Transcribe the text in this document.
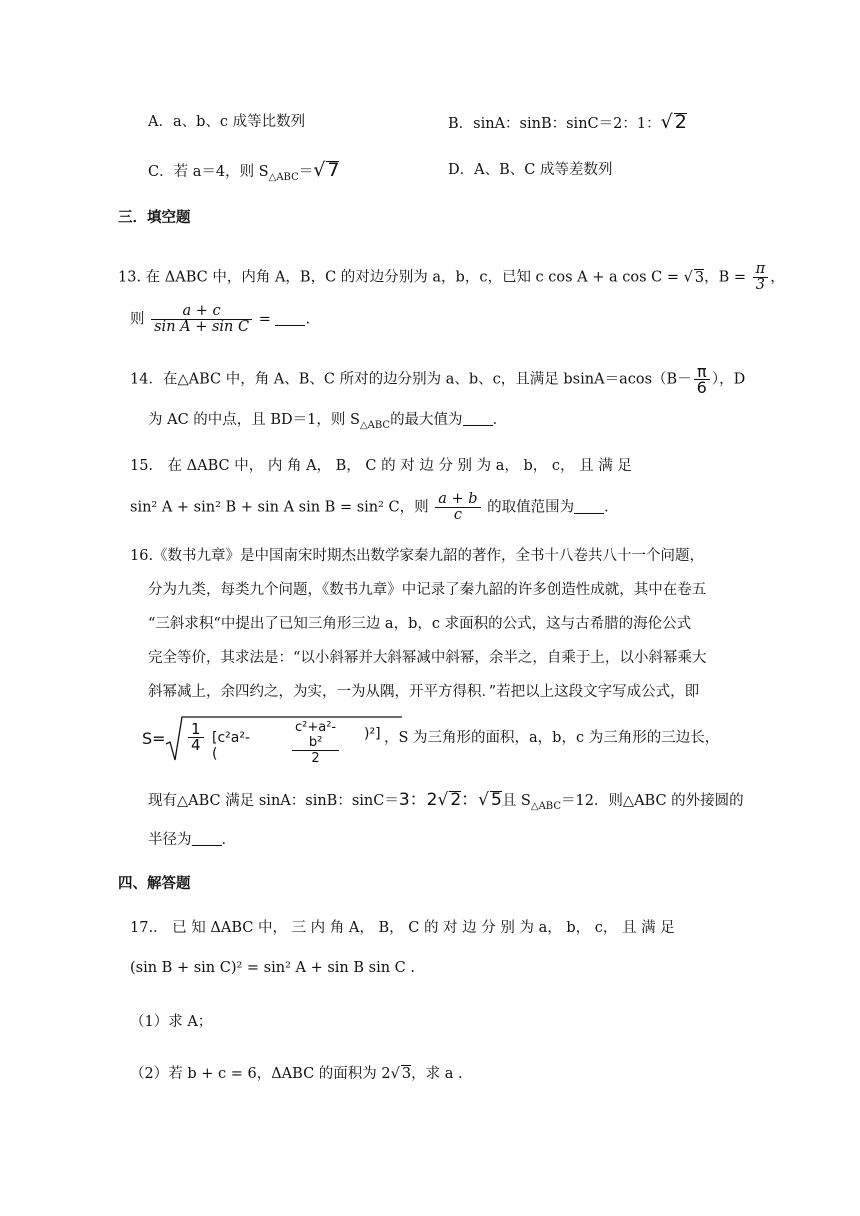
A．a、b、c 成等比数列	B．sinA：sinB：sinC＝2：1：√ 2
C．若 a＝4，则 $S_{\triangle ABC}=√$ 7	D．A、B、C 成等差数列
三．填空题
13. 在 ΔABC 中，内角 A，B，C 的对边分别为 a，b，c，已知 c cos A + a cos C = √ 3，$B = \frac{\pi}{3}$ ，
则 $\frac{a + c}{\text{sin A + sin C}}$ = .
14．在△ABC 中，角 A、B、C 所对的边分别为 a、b、c，且满足 $bsinA=acos(B- \frac{\pi}{6}$ ），D
为 AC 的中点，且 BD＝1，则 $S_{\triangle ABC}$的最大值为 ．
15． 在 ΔABC 中， 内 角 A， B， C 的 对 边 分 别 为 a， b， c， 且 满 足
sin² A + sin² B + sin A sin B = sin² C，则 $\frac{a + b}{c}$ 的取值范围为 ．
16.《数书九章》是中国南宋时期杰出数学家秦九韶的著作，全书十八卷共八十一个问题，
分为九类，每类九个问题，《数书九章》中记录了秦九韶的许多创造性成就，其中在卷五
“三斜求积“中提出了已知三角形三边 a，b，c 求面积的公式，这与古希腊的海伦公式
完全等价，其求法是：“以小斜幂并大斜幂减中斜幂，余半之，自乘于上，以小斜幂乘大
斜幂减上，余四约之，为实，一为从隅，开平方得积．”若把以上这段文字写成公式，即
$S= \frac{1}{4} [c^2a^2-$(	$\frac{\text{c²+a²-b²}}{2} )^2$] ，S 为三角形的面积，a，b，c 为三角形的三边长，
现有△ABC 满足 sinA：sinB：sinC＝3：2√ 2：√ 5且 $S_{\triangle ABC}=12$．则△ABC 的外接圆的
半径为 ．
四、解答题
17.． 已 知 ΔABC 中， 三 内 角 A， B， C 的 对 边 分 别 为 a， b， c， 且 满 足
(sin B + sin C)² = sin² A + sin B sin C .
（1）求 A；
（2）若 b + c = 6，ΔABC 的面积为 2√ 3，求 a .
